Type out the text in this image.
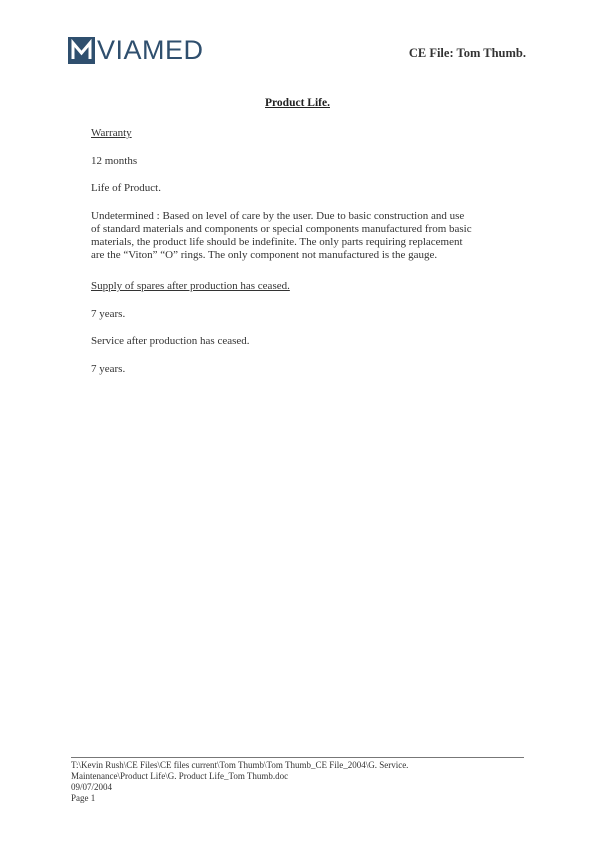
VIAMED	CE File: Tom Thumb.
Product Life.
Warranty
12 months
Life of Product.
Undetermined : Based on level of care by the user. Due to basic construction and use
of standard materials and components or special components manufactured from basic
materials, the product life should be indefinite. The only parts requiring replacement
are the “Viton” “O” rings. The only component not manufactured is the gauge.
Supply of spares after production has ceased.
7 years.
Service after production has ceased.
7 years.
T:\Kevin Rush\CE Files\CE files current\Tom Thumb\Tom Thumb_CE File_2004\G. Service.
Maintenance\Product Life\G. Product Life_Tom Thumb.doc
09/07/2004
Page 1
